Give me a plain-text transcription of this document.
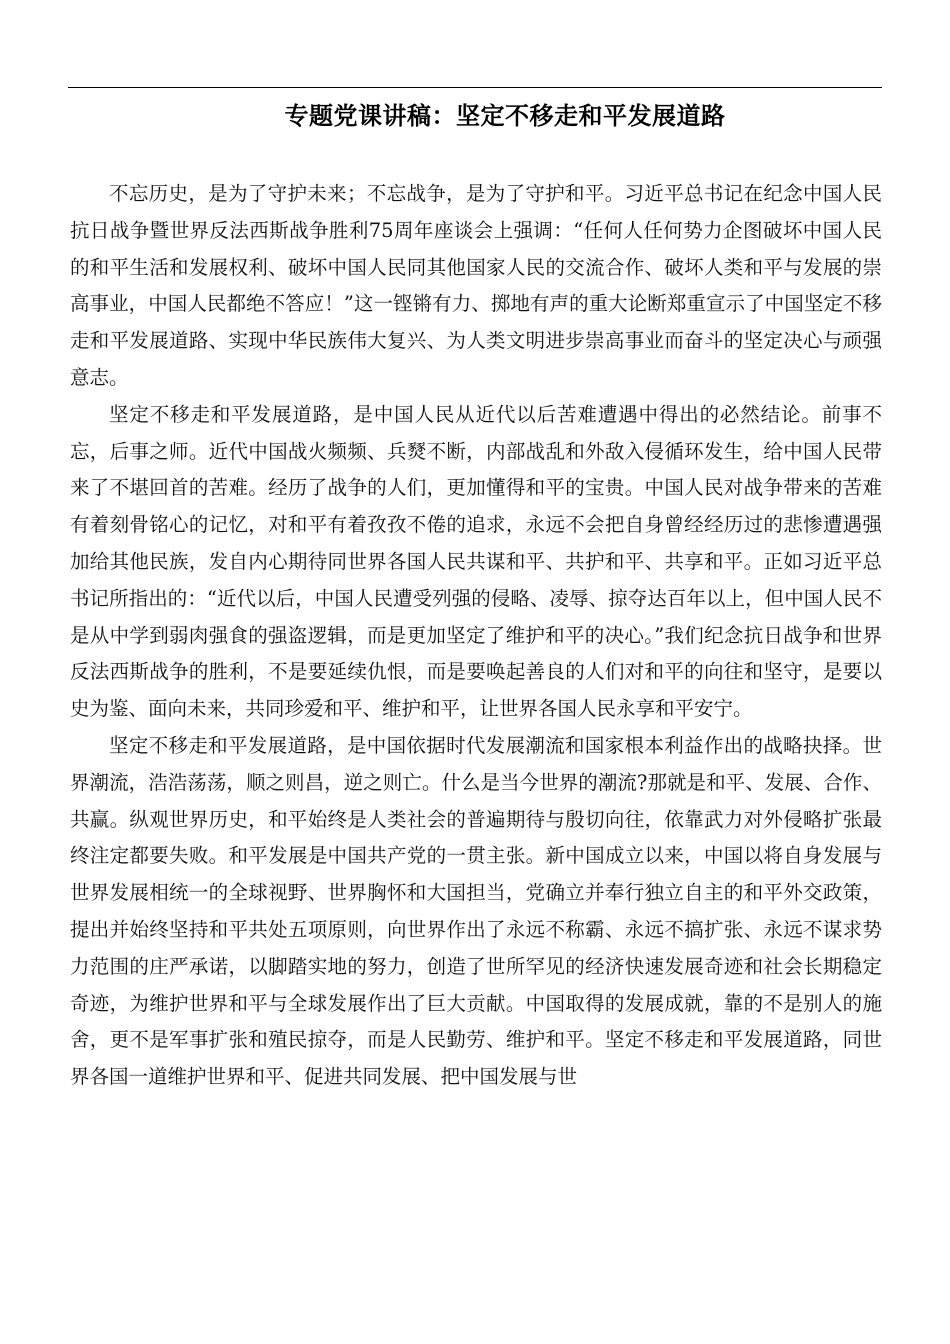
专题党课讲稿：坚定不移走和平发展道路

不忘历史，是为了守护未来；不忘战争，是为了守护和平。习近平总书记在纪念中国人民抗日战争暨世界反法西斯战争胜利75周年座谈会上强调：“任何人任何势力企图破坏中国人民的和平生活和发展权利、破坏中国人民同其他国家人民的交流合作、破坏人类和平与发展的崇高事业，中国人民都绝不答应！”这一铿锵有力、掷地有声的重大论断郑重宣示了中国坚定不移走和平发展道路、实现中华民族伟大复兴、为人类文明进步崇高事业而奋斗的坚定决心与顽强意志。

坚定不移走和平发展道路，是中国人民从近代以后苦难遭遇中得出的必然结论。前事不忘，后事之师。近代中国战火频频、兵燹不断，内部战乱和外敌入侵循环发生，给中国人民带来了不堪回首的苦难。经历了战争的人们，更加懂得和平的宝贵。中国人民对战争带来的苦难有着刻骨铭心的记忆，对和平有着孜孜不倦的追求，永远不会把自身曾经经历过的悲惨遭遇强加给其他民族，发自内心期待同世界各国人民共谋和平、共护和平、共享和平。正如习近平总书记所指出的：“近代以后，中国人民遭受列强的侵略、凌辱、掠夺达百年以上，但中国人民不是从中学到弱肉强食的强盗逻辑，而是更加坚定了维护和平的决心。”我们纪念抗日战争和世界反法西斯战争的胜利，不是要延续仇恨，而是要唤起善良的人们对和平的向往和坚守，是要以史为鉴、面向未来，共同珍爱和平、维护和平，让世界各国人民永享和平安宁。

坚定不移走和平发展道路，是中国依据时代发展潮流和国家根本利益作出的战略抉择。世界潮流，浩浩荡荡，顺之则昌，逆之则亡。什么是当今世界的潮流?那就是和平、发展、合作、共赢。纵观世界历史，和平始终是人类社会的普遍期待与殷切向往，依靠武力对外侵略扩张最终注定都要失败。和平发展是中国共产党的一贯主张。新中国成立以来，中国以将自身发展与世界发展相统一的全球视野、世界胸怀和大国担当，党确立并奉行独立自主的和平外交政策，提出并始终坚持和平共处五项原则，向世界作出了永远不称霸、永远不搞扩张、永远不谋求势力范围的庄严承诺，以脚踏实地的努力，创造了世所罕见的经济快速发展奇迹和社会长期稳定奇迹，为维护世界和平与全球发展作出了巨大贡献。中国取得的发展成就，靠的不是别人的施舍，更不是军事扩张和殖民掠夺，而是人民勤劳、维护和平。坚定不移走和平发展道路，同世界各国一道维护世界和平、促进共同发展、把中国发展与世
